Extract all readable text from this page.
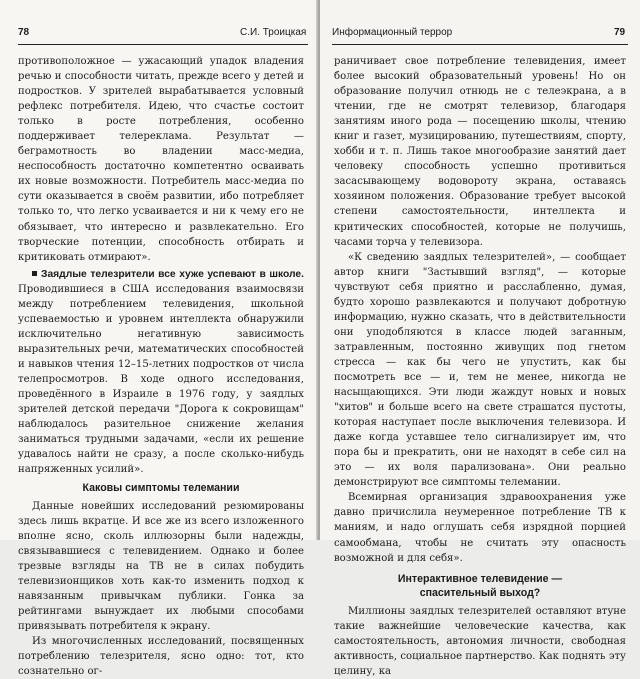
78	С.И. Троицкая

противоположное — ужасающий упадок владения речью и способности читать, прежде всего у детей и подростков. У зрителей вырабатывается условный рефлекс потребителя. Идею, что счастье состоит только в росте потребления, особенно поддерживает телереклама. Результат — беграмотность во владении масс-медиа, неспособность достаточно компетентно осваивать их новые возможности. Потребитель масс-медиа по сути оказывается в своём развитии, ибо потребляет только то, что легко усваивается и ни к чему его не обязывает, что интересно и развлекательно. Его творческие потенции, способность отбирать и критиковать отмирают».

Заядлые телезрители все хуже успевают в школе. Проводившиеся в США исследования взаимосвязи между потреблением телевидения, школьной успеваемостью и уровнем интеллекта обнаружили исключительно негативную зависимость выразительных речи, математических способностей и навыков чтения 12–15-летних подростков от числа телепросмотров. В ходе одного исследования, проведённого в Израиле в 1976 году, у заядлых зрителей детской передачи "Дорога к сокровищам" наблюдалось разительное снижение желания заниматься трудными задачами, «если их решение удавалось найти не сразу, а после сколько-нибудь напряженных усилий».

Каковы симптомы телемании

Данные новейших исследований резюмированы здесь лишь вкратце. И все же из всего изложенного вполне ясно, сколь иллюзорны были надежды, связывавшиеся с телевидением. Однако и более трезвые взгляды на ТВ не в силах побудить телевизионщиков хоть как-то изменить подход к навязанным привычкам публики. Гонка за рейтингами вынуждает их любыми способами привязывать потребителя к экрану.

Из многочисленных исследований, посвященных потреблению телезрителя, ясно одно: тот, кто сознательно ог-

Информационный террор	79

раничивает свое потребление телевидения, имеет более высокий образовательный уровень! Но он образование получил отнюдь не с телеэкрана, а в чтении, где не смотрят телевизор, благодаря занятиям иного рода — посещению школы, чтению книг и газет, музицированию, путешествиям, спорту, хобби и т. п. Лишь такое многообразие занятий дает человеку способность успешно противиться засасывающему водовороту экрана, оставаясь хозяином положения. Образование требует высокой степени самостоятельности, интеллекта и критических способностей, которые не получишь, часами торча у телевизора.

«К сведению заядлых телезрителей», — сообщает автор книги "Застывший взгляд", — которые чувствуют себя приятно и расслабленно, думая, будто хорошо развлекаются и получают добротную информацию, нужно сказать, что в действительности они уподобляются в классе людей заганным, затравленным, постоянно живущих под гнетом стресса — как бы чего не упустить, как бы посмотреть все — и, тем не менее, никогда не насыщающихся. Эти люди жаждут новых и новых "хитов" и больше всего на свете страшатся пустоты, которая наступает после выключения телевизора. И даже когда уставшее тело сигнализирует им, что пора бы и прекратить, они не находят в себе сил на это — их воля парализована». Они реально демонстрируют все симптомы телемании.

Всемирная организация здравоохранения уже давно причислила неумеренное потребление ТВ к маниям, и надо оглушать себя изрядной порцией самообмана, чтобы не считать эту опасность возможной и для себя».

Интерактивное телевидение —
спасительный выход?

Миллионы заядлых телезрителей оставляют втуне такие важнейшие человеческие качества, как самостоятельность, автономия личности, свободная активность, социальное партнерство. Как поднять эту целину, ка
